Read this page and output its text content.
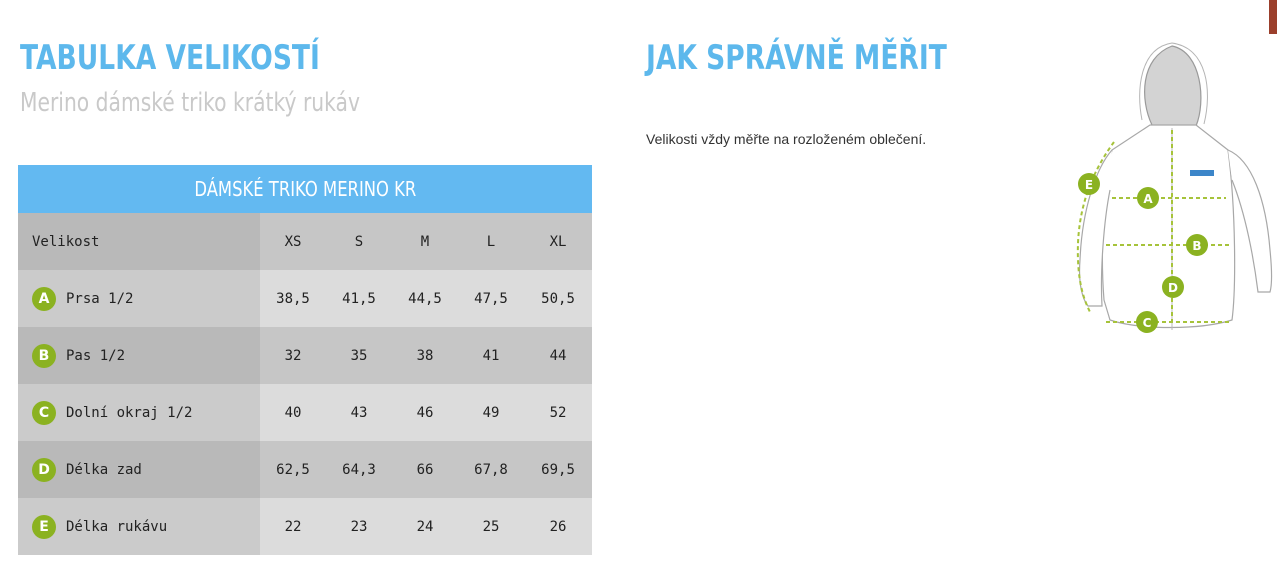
TABULKA VELIKOSTÍ
Merino dámské triko krátký rukáv
JAK SPRÁVNĚ MĚŘIT
Velikosti vždy měřte na rozloženém oblečení.
DÁMSKÉ TRIKO MERINO KR					
Velikost	XS	S	M	L	XL
A Prsa 1/2	38,5	41,5	44,5	47,5	50,5
B Pas 1/2	32	35	38	41	44
C Dolní okraj 1/2	40	43	46	49	52
D Délka zad	62,5	64,3	66	67,8	69,5
E Délka rukávu	22	23	24	25	26
A
B
C
D
E
